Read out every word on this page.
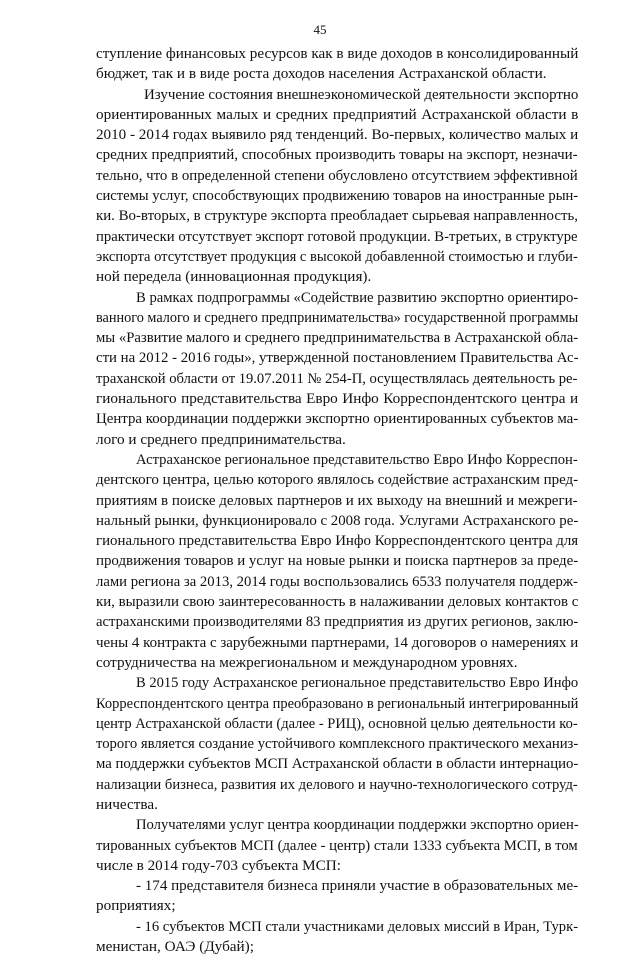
45
ступление финансовых ресурсов как в виде доходов в консолидированный
бюджет, так и в виде роста доходов населения Астраханской области.
Изучение состояния внешнеэкономической деятельности экспортно
ориентированных малых и средних предприятий Астраханской области в
2010 - 2014 годах выявило ряд тенденций. Во-первых, количество малых и
средних предприятий, способных производить товары на экспорт, незначи-
тельно, что в определенной степени обусловлено отсутствием эффективной
системы услуг, способствующих продвижению товаров на иностранные рын-
ки. Во-вторых, в структуре экспорта преобладает сырьевая направленность,
практически отсутствует экспорт готовой продукции. В-третьих, в структуре
экспорта отсутствует продукция с высокой добавленной стоимостью и глуби-
ной передела (инновационная продукция).
В рамках подпрограммы «Содействие развитию экспортно ориентиро-
ванного малого и среднего предпринимательства» государственной программы
мы «Развитие малого и среднего предпринимательства в Астраханской обла-
сти на 2012 - 2016 годы», утвержденной постановлением Правительства Ас-
траханской области от 19.07.2011 № 254-П, осуществлялась деятельность ре-
гионального представительства Евро Инфо Корреспондентского центра и
Центра координации поддержки экспортно ориентированных субъектов ма-
лого и среднего предпринимательства.
Астраханское региональное представительство Евро Инфо Корреспон-
дентского центра, целью которого являлось содействие астраханским пред-
приятиям в поиске деловых партнеров и их выходу на внешний и межреги-
нальный рынки, функционировало с 2008 года. Услугами Астраханского ре-
гионального представительства Евро Инфо Корреспондентского центра для
продвижения товаров и услуг на новые рынки и поиска партнеров за преде-
лами региона за 2013, 2014 годы воспользовались 6533 получателя поддерж-
ки, выразили свою заинтересованность в налаживании деловых контактов с
астраханскими производителями 83 предприятия из других регионов, заклю-
чены 4 контракта с зарубежными партнерами, 14 договоров о намерениях и
сотрудничества на межрегиональном и международном уровнях.
В 2015 году Астраханское региональное представительство Евро Инфо
Корреспондентского центра преобразовано в региональный интегрированный
центр Астраханской области (далее - РИЦ), основной целью деятельности ко-
торого является создание устойчивого комплексного практического механиз-
ма поддержки субъектов МСП Астраханской области в области интернацио-
нализации бизнеса, развития их делового и научно-технологического сотруд-
ничества.
Получателями услуг центра координации поддержки экспортно ориен-
тированных субъектов МСП (далее - центр) стали 1333 субъекта МСП, в том
числе в 2014 году-703 субъекта МСП:
- 174 представителя бизнеса приняли участие в образовательных ме-
роприятиях;
- 16 субъектов МСП стали участниками деловых миссий в Иран, Турк-
менистан, ОАЭ (Дубай);
